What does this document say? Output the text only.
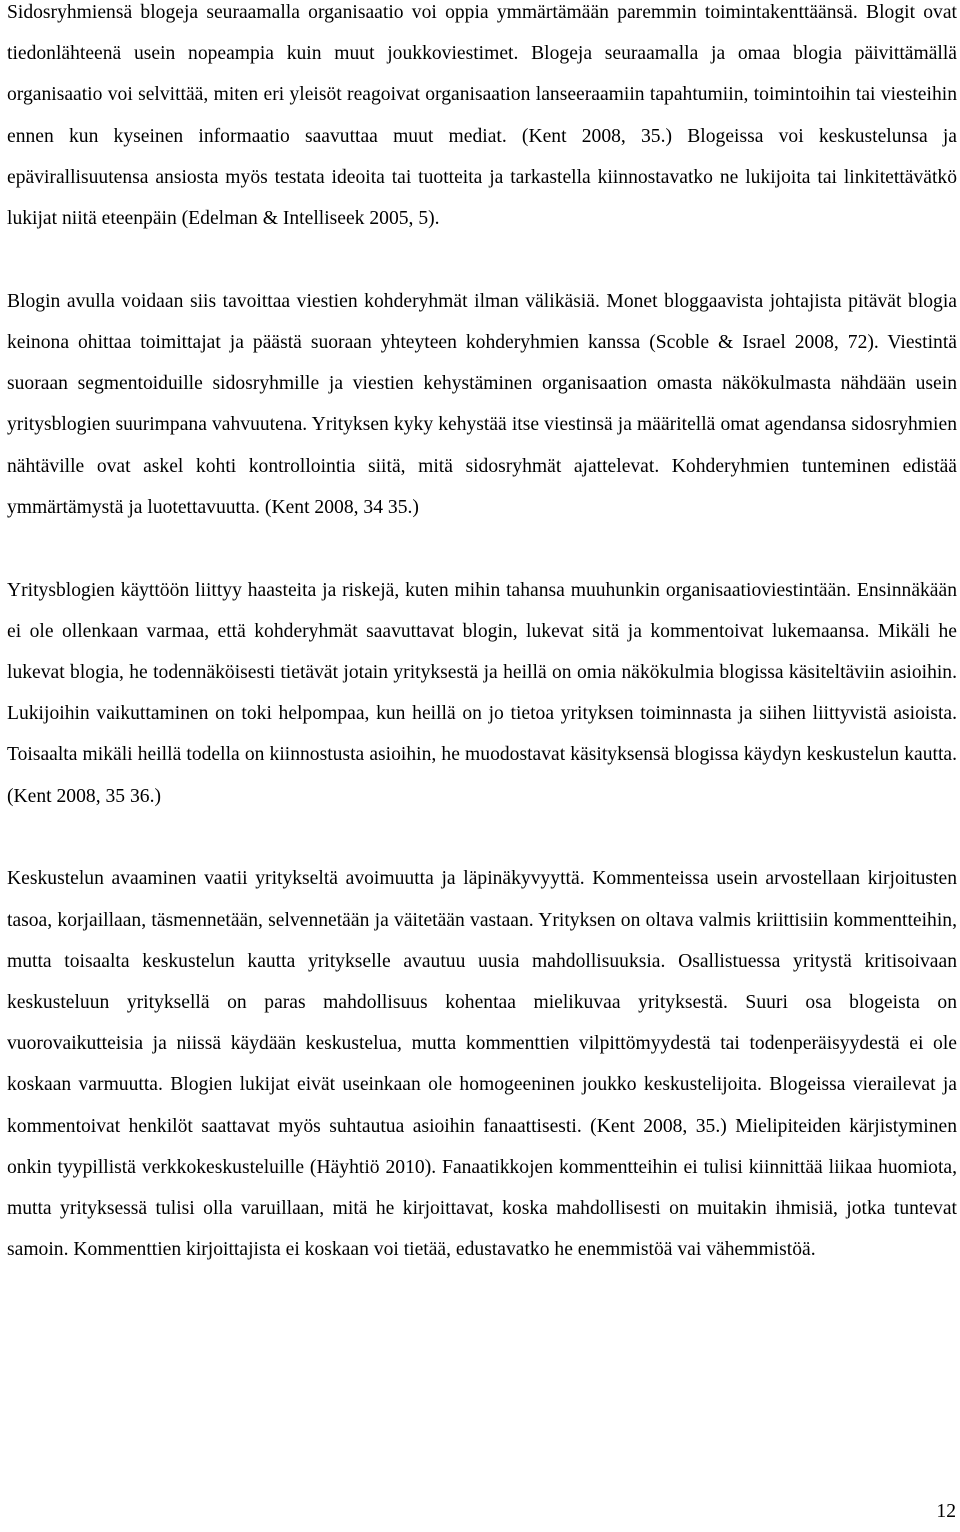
Sidosryhmiensä blogeja seuraamalla organisaatio voi oppia ymmärtämään paremmin toimintakenttäänsä. Blogit ovat tiedonlähteenä usein nopeampia kuin muut joukkoviestimet. Blogeja seuraamalla ja omaa blogia päivittämällä organisaatio voi selvittää, miten eri yleisöt reagoivat organisaation lanseeraamiin tapahtumiin, toimintoihin tai viesteihin ennen kun kyseinen informaatio saavuttaa muut mediat. (Kent 2008, 35.) Blogeissa voi keskustelunsa ja epävirallisuutensa ansiosta myös testata ideoita tai tuotteita ja tarkastella kiinnostavatko ne lukijoita tai linkitettävätkö lukijat niitä eteenpäin (Edelman & Intelliseek 2005, 5).

Blogin avulla voidaan siis tavoittaa viestien kohderyhmät ilman välikäsiä. Monet bloggaavista johtajista pitävät blogia keinona ohittaa toimittajat ja päästä suoraan yhteyteen kohderyhmien kanssa (Scoble & Israel 2008, 72). Viestintä suoraan segmentoiduille sidosryhmille ja viestien kehystäminen organisaation omasta näkökulmasta nähdään usein yritysblogien suurimpana vahvuutena. Yrityksen kyky kehystää itse viestinsä ja määritellä omat agendansa sidosryhmien nähtäville ovat askel kohti kontrollointia siitä, mitä sidosryhmät ajattelevat. Kohderyhmien tunteminen edistää ymmärtämystä ja luotettavuutta. (Kent 2008, 34 35.)

Yritysblogien käyttöön liittyy haasteita ja riskejä, kuten mihin tahansa muuhunkin organisaatioviestintään. Ensinnäkään ei ole ollenkaan varmaa, että kohderyhmät saavuttavat blogin, lukevat sitä ja kommentoivat lukemaansa. Mikäli he lukevat blogia, he todennäköisesti tietävät jotain yrityksestä ja heillä on omia näkökulmia blogissa käsiteltäviin asioihin. Lukijoihin vaikuttaminen on toki helpompaa, kun heillä on jo tietoa yrityksen toiminnasta ja siihen liittyvistä asioista. Toisaalta mikäli heillä todella on kiinnostusta asioihin, he muodostavat käsityksensä blogissa käydyn keskustelun kautta. (Kent 2008, 35 36.)

Keskustelun avaaminen vaatii yritykseltä avoimuutta ja läpinäkyvyyttä. Kommenteissa usein arvostellaan kirjoitusten tasoa, korjaillaan, täsmennetään, selvennetään ja väitetään vastaan. Yrityksen on oltava valmis kriittisiin kommentteihin, mutta toisaalta keskustelun kautta yritykselle avautuu uusia mahdollisuuksia. Osallistuessa yritystä kritisoivaan keskusteluun yrityksellä on paras mahdollisuus kohentaa mielikuvaa yrityksestä. Suuri osa blogeista on vuorovaikutteisia ja niissä käydään keskustelua, mutta kommenttien vilpittömyydestä tai todenperäisyydestä ei ole koskaan varmuutta. Blogien lukijat eivät useinkaan ole homogeeninen joukko keskustelijoita. Blogeissa vierailevat ja kommentoivat henkilöt saattavat myös suhtautua asioihin fanaattisesti. (Kent 2008, 35.) Mielipiteiden kärjistyminen onkin tyypillistä verkkokeskusteluille (Häyhtiö 2010). Fanaatikkojen kommentteihin ei tulisi kiinnittää liikaa huomiota, mutta yrityksessä tulisi olla varuillaan, mitä he kirjoittavat, koska mahdollisesti on muitakin ihmisiä, jotka tuntevat samoin. Kommenttien kirjoittajista ei koskaan voi tietää, edustavatko he enemmistöä vai vähemmistöä.

12
